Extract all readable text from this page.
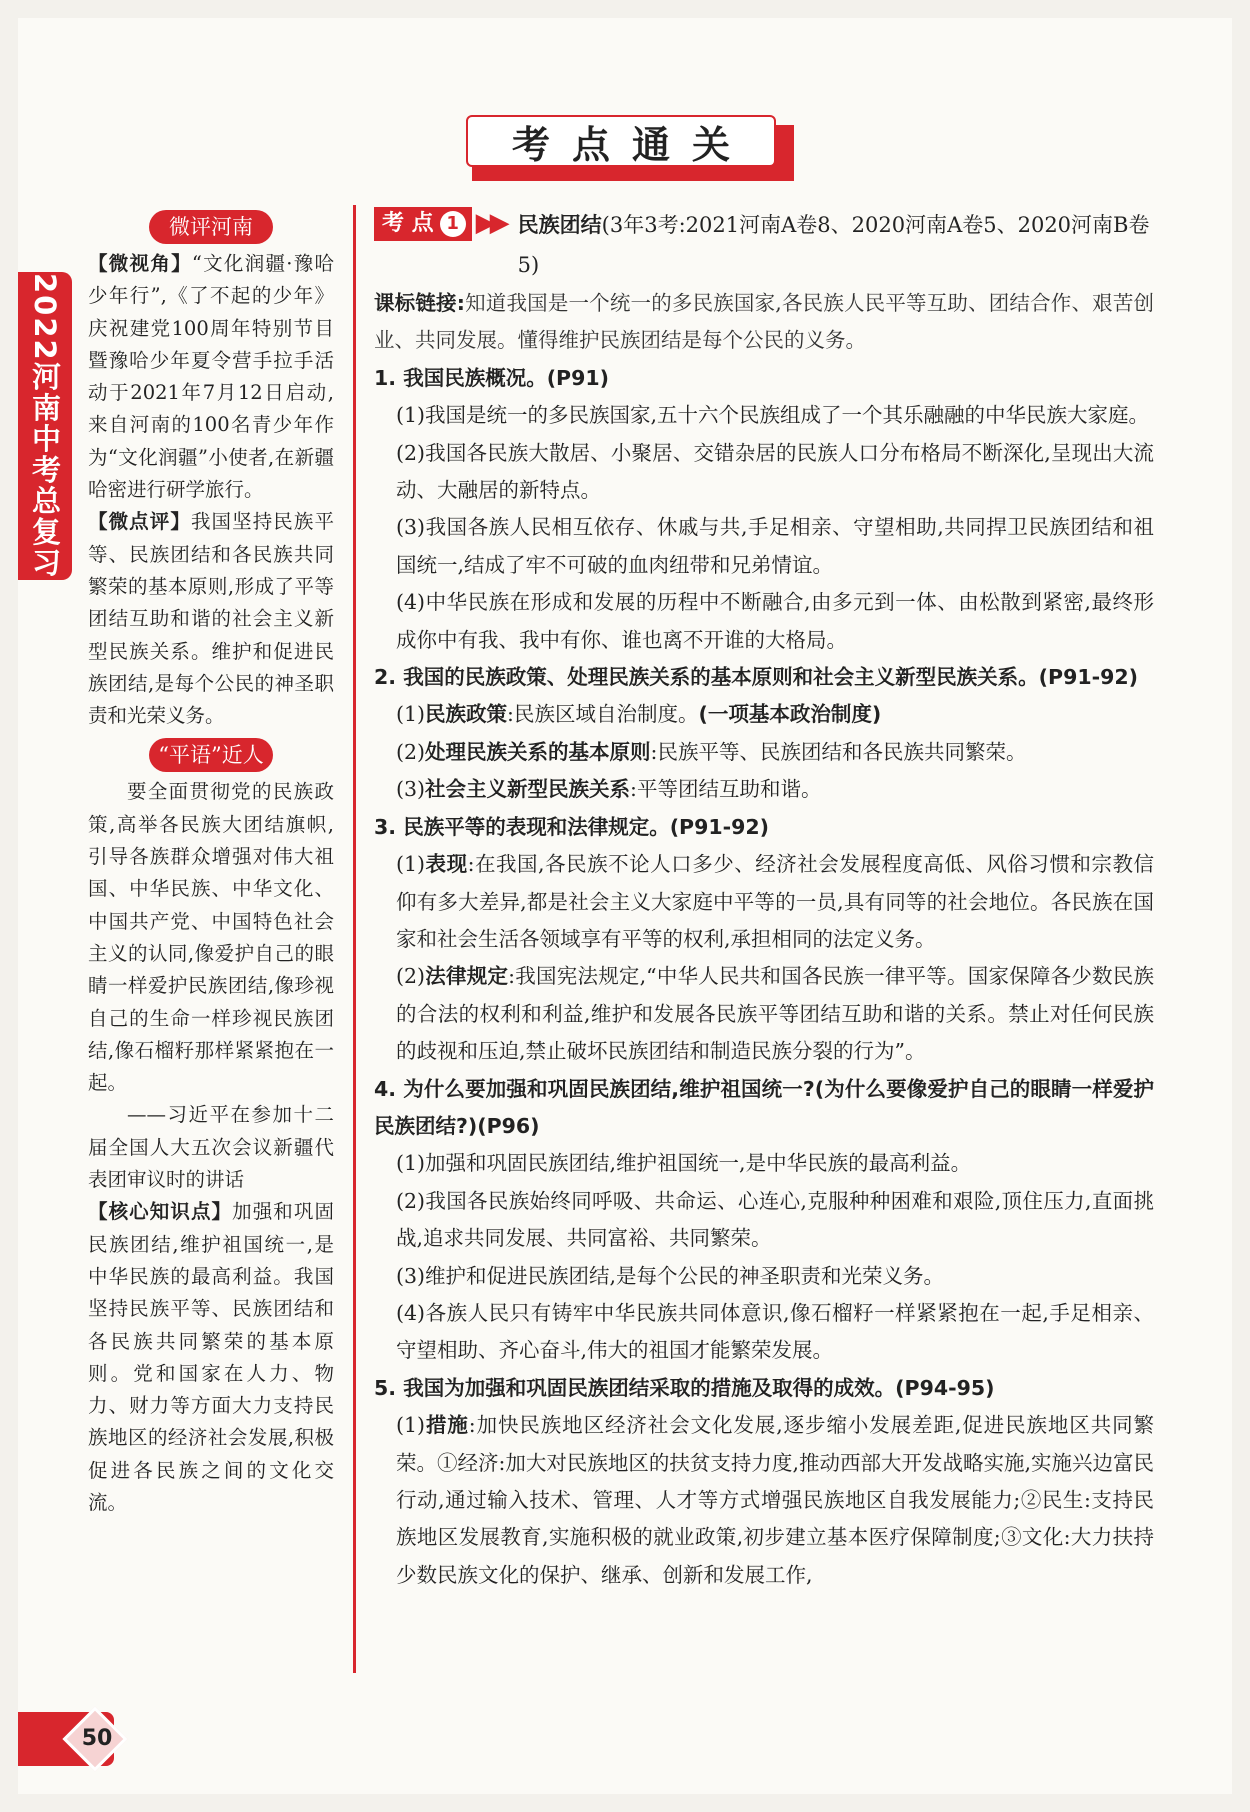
考点通关
2022河南中考总复习
微评河南

【微视角】“文化润疆·豫哈少年行”,《了不起的少年》庆祝建党100周年特别节目暨豫哈少年夏令营手拉手活动于2021年7月12日启动,来自河南的100名青少年作为“文化润疆”小使者,在新疆哈密进行研学旅行。

【微点评】我国坚持民族平等、民族团结和各民族共同繁荣的基本原则,形成了平等团结互助和谐的社会主义新型民族关系。维护和促进民族团结,是每个公民的神圣职责和光荣义务。

“平语”近人

要全面贯彻党的民族政策,高举各民族大团结旗帜,引导各族群众增强对伟大祖国、中华民族、中华文化、中国共产党、中国特色社会主义的认同,像爱护自己的眼睛一样爱护民族团结,像珍视自己的生命一样珍视民族团结,像石榴籽那样紧紧抱在一起。

——习近平在参加十二届全国人大五次会议新疆代表团审议时的讲话

【核心知识点】加强和巩固民族团结,维护祖国统一,是中华民族的最高利益。我国坚持民族平等、民族团结和各民族共同繁荣的基本原则。党和国家在人力、物力、财力等方面大力支持民族地区的经济社会发展,积极促进各民族之间的文化交流。

考 点 1 ▶▶ 民族团结(3年3考:2021河南A卷8、2020河南A卷5、2020河南B卷5)

课标链接:知道我国是一个统一的多民族国家,各民族人民平等互助、团结合作、艰苦创业、共同发展。懂得维护民族团结是每个公民的义务。

1. 我国民族概况。(P91)

(1)我国是统一的多民族国家,五十六个民族组成了一个其乐融融的中华民族大家庭。

(2)我国各民族大散居、小聚居、交错杂居的民族人口分布格局不断深化,呈现出大流动、大融居的新特点。

(3)我国各族人民相互依存、休戚与共,手足相亲、守望相助,共同捍卫民族团结和祖国统一,结成了牢不可破的血肉纽带和兄弟情谊。

(4)中华民族在形成和发展的历程中不断融合,由多元到一体、由松散到紧密,最终形成你中有我、我中有你、谁也离不开谁的大格局。

2. 我国的民族政策、处理民族关系的基本原则和社会主义新型民族关系。(P91-92)

(1)民族政策:民族区域自治制度。(一项基本政治制度)

(2)处理民族关系的基本原则:民族平等、民族团结和各民族共同繁荣。

(3)社会主义新型民族关系:平等团结互助和谐。

3. 民族平等的表现和法律规定。(P91-92)

(1)表现:在我国,各民族不论人口多少、经济社会发展程度高低、风俗习惯和宗教信仰有多大差异,都是社会主义大家庭中平等的一员,具有同等的社会地位。各民族在国家和社会生活各领域享有平等的权利,承担相同的法定义务。

(2)法律规定:我国宪法规定,“中华人民共和国各民族一律平等。国家保障各少数民族的合法的权利和利益,维护和发展各民族平等团结互助和谐的关系。禁止对任何民族的歧视和压迫,禁止破坏民族团结和制造民族分裂的行为”。

4. 为什么要加强和巩固民族团结,维护祖国统一?(为什么要像爱护自己的眼睛一样爱护民族团结?)(P96)

(1)加强和巩固民族团结,维护祖国统一,是中华民族的最高利益。

(2)我国各民族始终同呼吸、共命运、心连心,克服种种困难和艰险,顶住压力,直面挑战,追求共同发展、共同富裕、共同繁荣。

(3)维护和促进民族团结,是每个公民的神圣职责和光荣义务。

(4)各族人民只有铸牢中华民族共同体意识,像石榴籽一样紧紧抱在一起,手足相亲、守望相助、齐心奋斗,伟大的祖国才能繁荣发展。

5. 我国为加强和巩固民族团结采取的措施及取得的成效。(P94-95)

(1)措施:加快民族地区经济社会文化发展,逐步缩小发展差距,促进民族地区共同繁荣。①经济:加大对民族地区的扶贫支持力度,推动西部大开发战略实施,实施兴边富民行动,通过输入技术、管理、人才等方式增强民族地区自我发展能力;②民生:支持民族地区发展教育,实施积极的就业政策,初步建立基本医疗保障制度;③文化:大力扶持少数民族文化的保护、继承、创新和发展工作,

50
